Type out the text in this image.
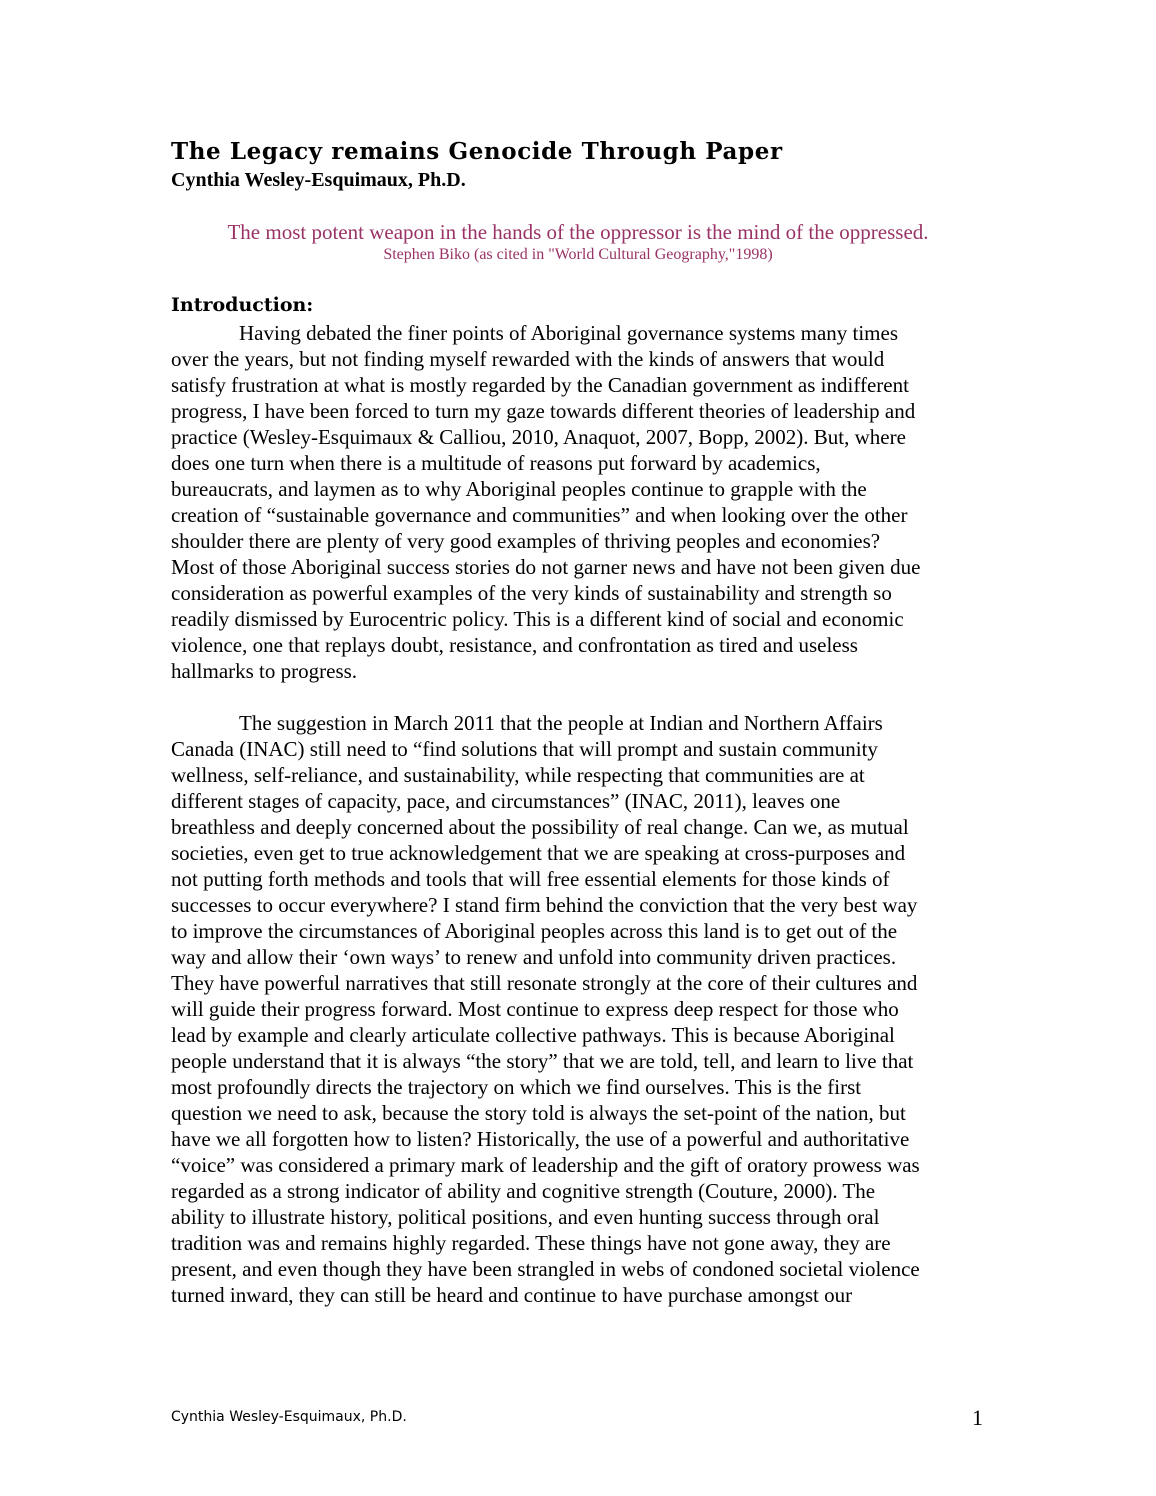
The Legacy remains Genocide Through Paper
Cynthia Wesley-Esquimaux, Ph.D.
The most potent weapon in the hands of the oppressor is the mind of the oppressed.
Stephen Biko (as cited in "World Cultural Geography,"1998)
Introduction:
Having debated the finer points of Aboriginal governance systems many times
over the years, but not finding myself rewarded with the kinds of answers that would
satisfy frustration at what is mostly regarded by the Canadian government as indifferent
progress, I have been forced to turn my gaze towards different theories of leadership and
practice (Wesley-Esquimaux & Calliou, 2010, Anaquot, 2007, Bopp, 2002). But, where
does one turn when there is a multitude of reasons put forward by academics,
bureaucrats, and laymen as to why Aboriginal peoples continue to grapple with the
creation of “sustainable governance and communities” and when looking over the other
shoulder there are plenty of very good examples of thriving peoples and economies?
Most of those Aboriginal success stories do not garner news and have not been given due
consideration as powerful examples of the very kinds of sustainability and strength so
readily dismissed by Eurocentric policy. This is a different kind of social and economic
violence, one that replays doubt, resistance, and confrontation as tired and useless
hallmarks to progress.
The suggestion in March 2011 that the people at Indian and Northern Affairs
Canada (INAC) still need to “find solutions that will prompt and sustain community
wellness, self-reliance, and sustainability, while respecting that communities are at
different stages of capacity, pace, and circumstances” (INAC, 2011), leaves one
breathless and deeply concerned about the possibility of real change. Can we, as mutual
societies, even get to true acknowledgement that we are speaking at cross-purposes and
not putting forth methods and tools that will free essential elements for those kinds of
successes to occur everywhere? I stand firm behind the conviction that the very best way
to improve the circumstances of Aboriginal peoples across this land is to get out of the
way and allow their ‘own ways’ to renew and unfold into community driven practices.
They have powerful narratives that still resonate strongly at the core of their cultures and
will guide their progress forward. Most continue to express deep respect for those who
lead by example and clearly articulate collective pathways. This is because Aboriginal
people understand that it is always “the story” that we are told, tell, and learn to live that
most profoundly directs the trajectory on which we find ourselves. This is the first
question we need to ask, because the story told is always the set-point of the nation, but
have we all forgotten how to listen? Historically, the use of a powerful and authoritative
“voice” was considered a primary mark of leadership and the gift of oratory prowess was
regarded as a strong indicator of ability and cognitive strength (Couture, 2000). The
ability to illustrate history, political positions, and even hunting success through oral
tradition was and remains highly regarded. These things have not gone away, they are
present, and even though they have been strangled in webs of condoned societal violence
turned inward, they can still be heard and continue to have purchase amongst our
Cynthia Wesley-Esquimaux, Ph.D.	1
